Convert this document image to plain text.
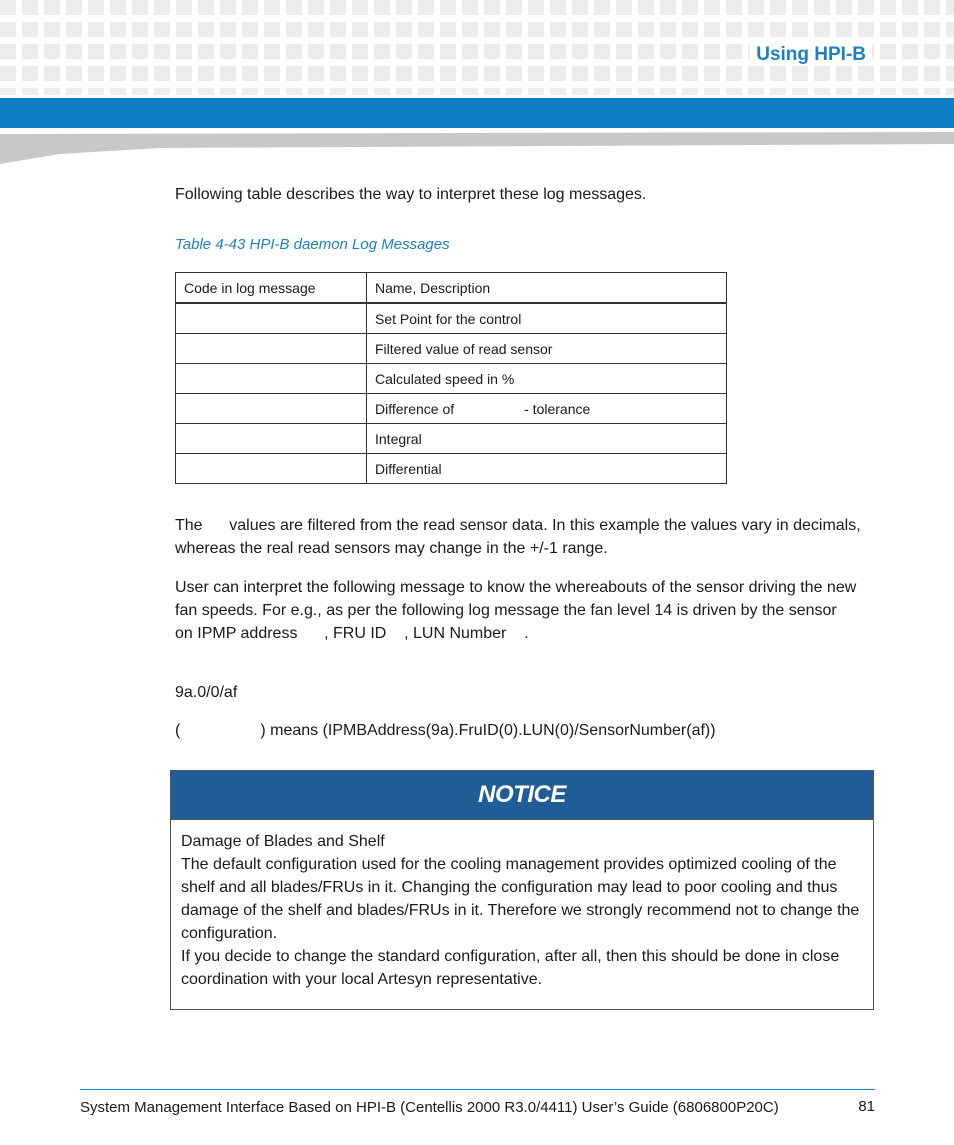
Using HPI-B

Following table describes the way to interpret these log messages.

Table 4-43 HPI-B daemon Log Messages

Code in log message	Name, Description
	Set Point for the control
	Filtered value of read sensor
	Calculated speed in %
	Difference of                  - tolerance
	Integral
	Differential

The      values are filtered from the read sensor data. In this example the values vary in decimals, whereas the real read sensors may change in the +/-1 range.

User can interpret the following message to know the whereabouts of the sensor driving the new fan speeds. For e.g., as per the following log message the fan level 14 is driven by the sensor       on IPMP address      , FRU ID    , LUN Number    .

9a.0/0/af

(                  ) means (IPMBAddress(9a).FruID(0).LUN(0)/SensorNumber(af))

NOTICE

Damage of Blades and Shelf

The default configuration used for the cooling management provides optimized cooling of the shelf and all blades/FRUs in it. Changing the configuration may lead to poor cooling and thus damage of the shelf and blades/FRUs in it. Therefore we strongly recommend not to change the configuration.

If you decide to change the standard configuration, after all, then this should be done in close coordination with your local Artesyn representative.

System Management Interface Based on HPI-B (Centellis 2000 R3.0/4411) User’s Guide (6806800P20C)	81
